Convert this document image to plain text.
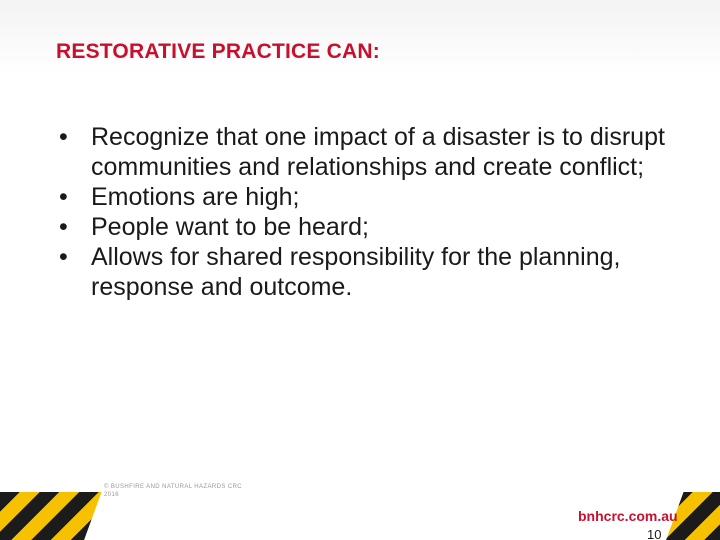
RESTORATIVE PRACTICE CAN:
• Recognize that one impact of a disaster is to disrupt communities and relationships and create conflict;
• Emotions are high;
• People want to be heard;
• Allows for shared responsibility for the planning, response and outcome.
© BUSHFIRE AND NATURAL HAZARDS CRC
2016
bnhcrc.com.au
10
